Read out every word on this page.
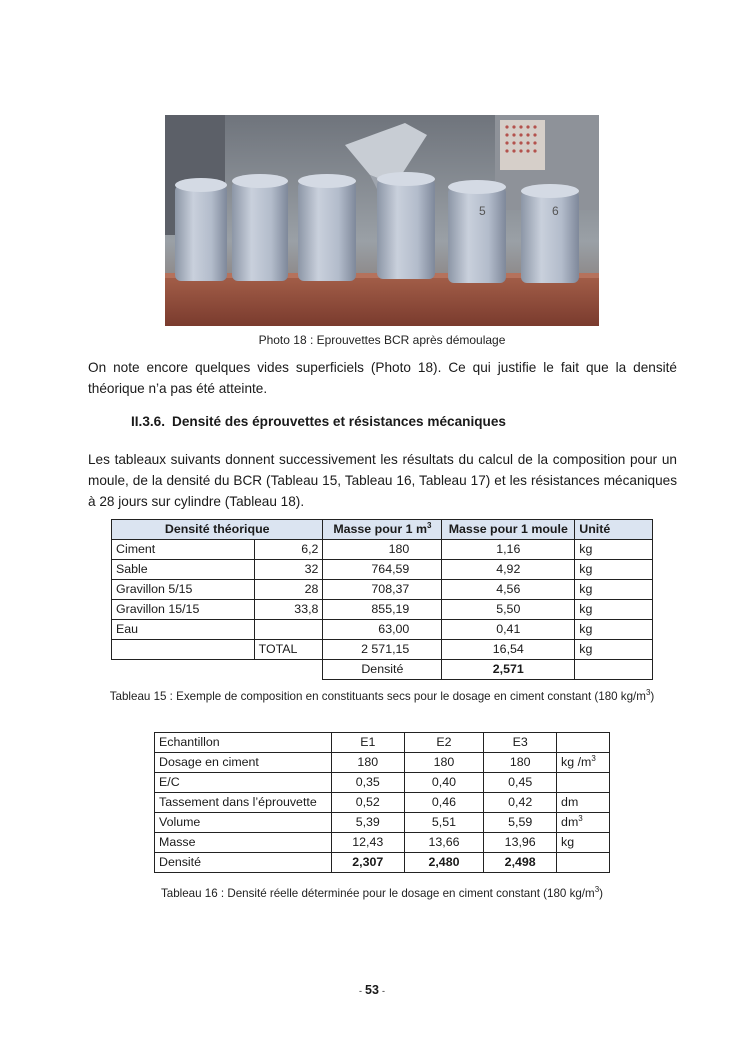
5	6
Photo 18 : Eprouvettes BCR après démoulage
On note encore quelques vides superficiels (Photo 18). Ce qui justifie le fait que la densité théorique n’a pas été atteinte.
II.3.6. Densité des éprouvettes et résistances mécaniques
Les tableaux suivants donnent successivement les résultats du calcul de la composition pour un moule, de la densité du BCR (Tableau 15, Tableau 16, Tableau 17) et les résistances mécaniques à 28 jours sur cylindre (Tableau 18).
Densité théorique		Masse pour 1 $m^3$	Masse pour 1 moule	Unité
Ciment	6,2	180	1,16	kg
Sable	32	764,59	4,92	kg
Gravillon 5/15	28	708,37	4,56	kg
Gravillon 15/15	33,8	855,19	5,50	kg
Eau		63,00	0,41	kg
	TOTAL	2 571,15	16,54	kg
		Densité	2,571	
Tableau 15 : Exemple de composition en constituants secs pour le dosage en ciment constant (180 $kg/m^3$)
Echantillon	E1	E2	E3	
Dosage en ciment	180	180	180	kg $/m^3$
E/C	0,35	0,40	0,45	
Tassement dans l’éprouvette	0,52	0,46	0,42	dm
Volume	5,39	5,51	5,59	$dm^3$
Masse	12,43	13,66	13,96	kg
Densité	2,307	2,480	2,498	
Tableau 16 : Densité réelle déterminée pour le dosage en ciment constant (180 $kg/m^3$)
- 53 -
